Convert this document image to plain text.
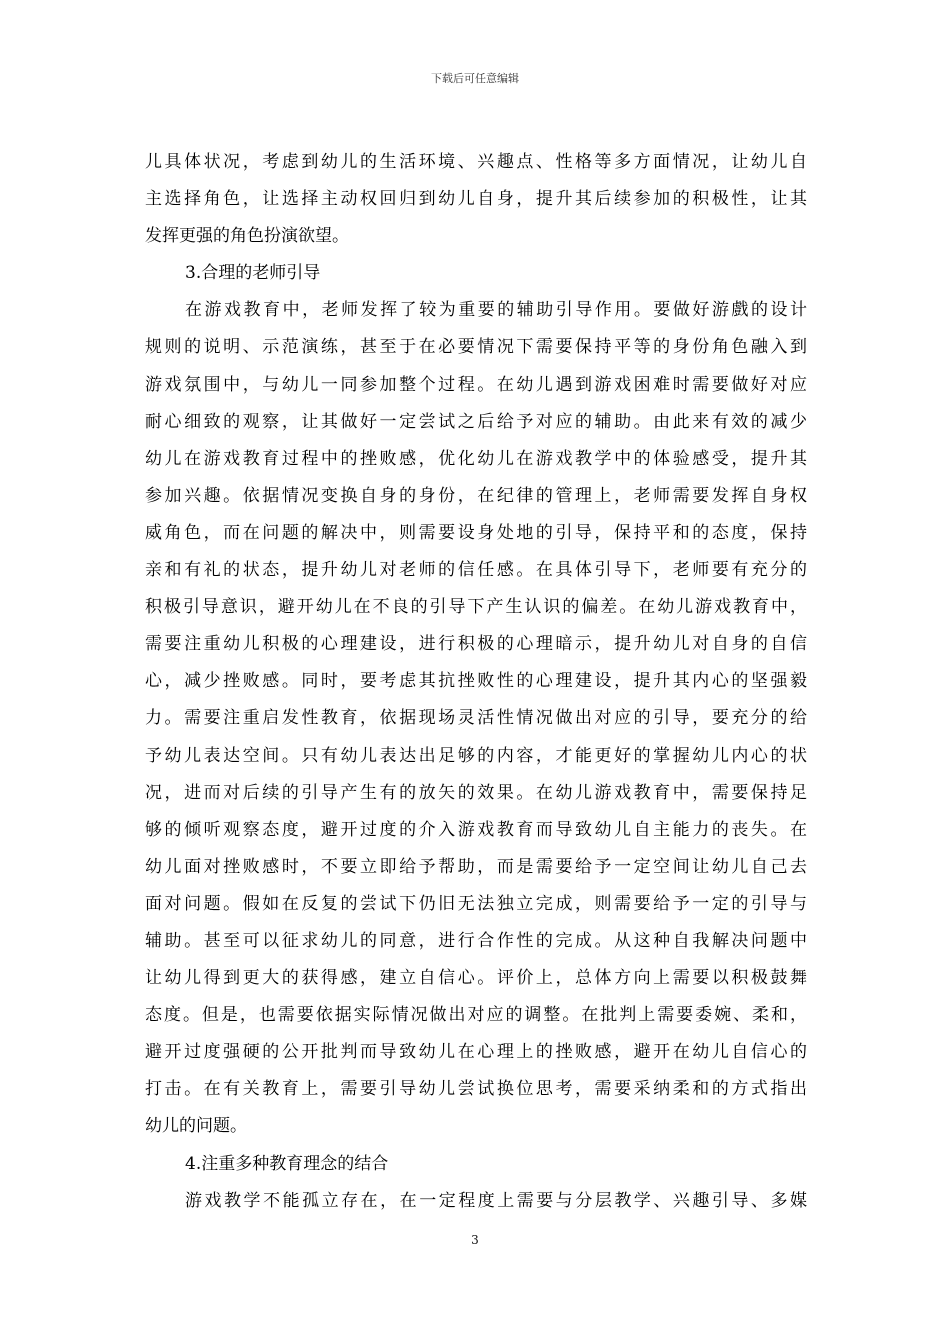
下载后可任意编辑
儿具体状况，考虑到幼儿的生活环境、兴趣点、性格等多方面情况，让幼儿自
主选择角色，让选择主动权回归到幼儿自身，提升其后续参加的积极性，让其
发挥更强的角色扮演欲望。
3.合理的老师引导
在游戏教育中，老师发挥了较为重要的辅助引导作用。要做好游戲的设计
规则的说明、示范演练，甚至于在必要情况下需要保持平等的身份角色融入到
游戏氛围中，与幼儿一同参加整个过程。在幼儿遇到游戏困难时需要做好对应
耐心细致的观察，让其做好一定尝试之后给予对应的辅助。由此来有效的减少
幼儿在游戏教育过程中的挫败感，优化幼儿在游戏教学中的体验感受，提升其
参加兴趣。依据情况变换自身的身份，在纪律的管理上，老师需要发挥自身权
威角色，而在问题的解决中，则需要设身处地的引导，保持平和的态度，保持
亲和有礼的状态，提升幼儿对老师的信任感。在具体引导下，老师要有充分的
积极引导意识，避开幼儿在不良的引导下产生认识的偏差。在幼儿游戏教育中，
需要注重幼儿积极的心理建设，进行积极的心理暗示，提升幼儿对自身的自信
心，减少挫败感。同时，要考虑其抗挫败性的心理建设，提升其内心的坚强毅
力。需要注重启发性教育，依据现场灵活性情况做出对应的引导，要充分的给
予幼儿表达空间。只有幼儿表达出足够的内容，才能更好的掌握幼儿内心的状
况，进而对后续的引导产生有的放矢的效果。在幼儿游戏教育中，需要保持足
够的倾听观察态度，避开过度的介入游戏教育而导致幼儿自主能力的丧失。在
幼儿面对挫败感时，不要立即给予帮助，而是需要给予一定空间让幼儿自己去
面对问题。假如在反复的尝试下仍旧无法独立完成，则需要给予一定的引导与
辅助。甚至可以征求幼儿的同意，进行合作性的完成。从这种自我解决问题中
让幼儿得到更大的获得感，建立自信心。评价上，总体方向上需要以积极鼓舞
态度。但是，也需要依据实际情况做出对应的调整。在批判上需要委婉、柔和，
避开过度强硬的公开批判而导致幼儿在心理上的挫败感，避开在幼儿自信心的
打击。在有关教育上，需要引导幼儿尝试换位思考，需要采纳柔和的方式指出
幼儿的问题。
4.注重多种教育理念的结合
游戏教学不能孤立存在，在一定程度上需要与分层教学、兴趣引导、多媒
3
